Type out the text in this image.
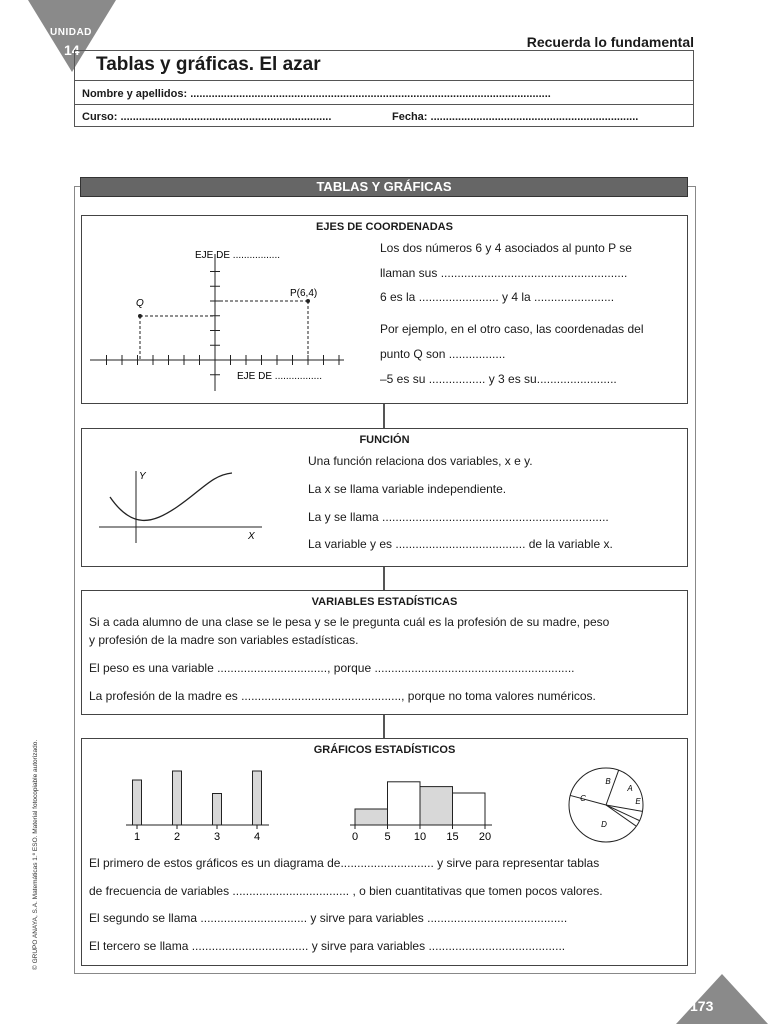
UNIDAD
14	Recuerda lo fundamental
Tablas y gráficas. El azar
Nombre y apellidos: ......................................................................................................................
Curso: .....................................................................	Fecha: ....................................................................
TABLAS Y GRÁFICAS
EJES DE COORDENADAS
EJE DE .................
EJE DE .................
P(6,4)
Q
Los dos números 6 y 4 asociados al punto P se
llaman sus ........................................................
6 es la ........................ y 4 la ........................
Por ejemplo, en el otro caso, las coordenadas del
punto Q son .................
–5 es su ................. y 3 es su........................
FUNCIÓN
Y
X
Una función relaciona dos variables, x e y.
La x se llama variable independiente.
La y se llama ....................................................................
La variable y es ....................................... de la variable x.
VARIABLES ESTADÍSTICAS
Si a cada alumno de una clase se le pesa y se le pregunta cuál es la profesión de su madre, peso
y profesión de la madre son variables estadísticas.
El peso es una variable ................................., porque ............................................................
La profesión de la madre es ................................................, porque no toma valores numéricos.
GRÁFICOS ESTADÍSTICOS
1	2	3	4	0 5 10 15 20
A
B
C
D
E
El primero de estos gráficos es un diagrama de............................ y sirve para representar tablas
de frecuencia de variables ................................... , o bien cuantitativas que tomen pocos valores.
El segundo se llama ................................ y sirve para variables ..........................................
El tercero se llama ................................... y sirve para variables .........................................
© GRUPO ANAYA, S.A. Matemáticas 1.º ESO. Material fotocopiable autorizado.
173
